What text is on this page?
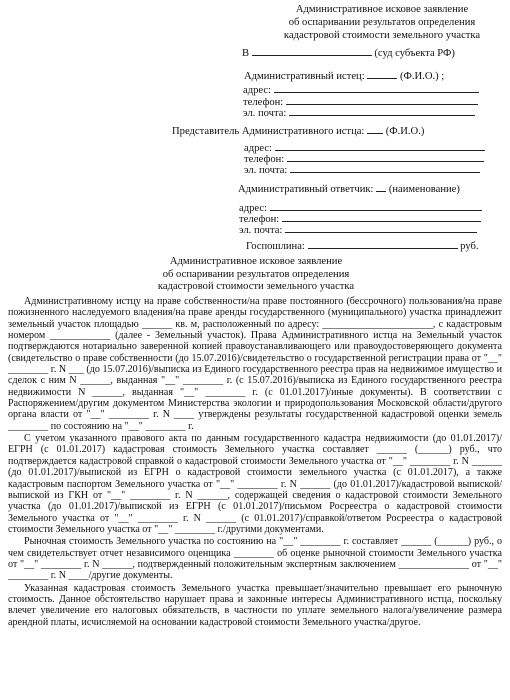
Административное исковое заявление
об оспаривании результатов определения
кадастровой стоимости земельного участка
В	(суд субъекта РФ)
Административный истец:	(Ф.И.О.) ;
адрес:
телефон:
эл. почта:
Представитель Административного истца: (Ф.И.О.)
адрес:
телефон:
эл. почта:
Административный ответчик: (наименование)
адрес:
телефон:
эл. почта:
Госпошлина:	руб.
Административное исковое заявление
об оспаривании результатов определения
кадастровой стоимости земельного участка

Административному истцу на праве собственности/на праве постоянного (бессрочного) пользования/на праве пожизненного наследуемого владения/на праве аренды государственного (муниципального) участка принадлежит земельный участок площадью ______ кв. м, расположенный по адресу: ______________________, с кадастровым номером ____________ (далее - Земельный участок). Права Административного истца на Земельный участок подтверждаются нотариально заверенной копией правоустанавливающего или правоудостоверяющего документа (свидетельство о праве собственности (до 15.07.2016)/свидетельство о государственной регистрации права от "__" ________ г. N ___ (до 15.07.2016)/выписка из Единого государственного реестра прав на недвижимое имущество и сделок с ним N ______, выданная "__" ________ г. (с 15.07.2016)/выписка из Единого государственного реестра недвижимости N ______, выданная "__" ________ г. (с 01.01.2017)/иные документы). В соответствии с Распоряжением/другим документом Министерства экологии и природопользования Московской области/другого органа власти от "__" ________ г. N ____ утверждены результаты государственной кадастровой оценки земель ________ по состоянию на "__" ________ г.

С учетом указанного правового акта по данным государственного кадастра недвижимости (до 01.01.2017)/ЕГРН (с 01.01.2017) кадастровая стоимость Земельного участка составляет ______ (______) руб., что подтверждается кадастровой справкой о кадастровой стоимости Земельного участка от "__" ________ г. N ______ (до 01.01.2017)/выпиской из ЕГРН о кадастровой стоимости земельного участка (с 01.01.2017), а также кадастровым паспортом Земельного участка от "__" ________ г. N ______ (до 01.01.2017)/кадастровой выпиской/выпиской из ГКН от "__" ________ г. N ______, содержащей сведения о кадастровой стоимости Земельного участка (до 01.01.2017)/выпиской из ЕГРН (с 01.01.2017)/письмом Росреестра о кадастровой стоимости Земельного участка от "__" ________ г. N ______ (с 01.01.2017)/справкой/ответом Росреестра о кадастровой стоимости Земельного участка от "__" ________ г./другими документами.

Рыночная стоимость Земельного участка по состоянию на "__" ________ г. составляет ______ (______) руб., о чем свидетельствует отчет независимого оценщика ________ об оценке рыночной стоимости Земельного участка от "__" ________ г. N ______, подтвержденный положительным экспертным заключением ______________ от "__" ________ г. N ____/другие документы.

Указанная кадастровая стоимость Земельного участка превышает/значительно превышает его рыночную стоимость. Данное обстоятельство нарушает права и законные интересы Административного истца, поскольку влечет увеличение его налоговых обязательств, в частности по уплате земельного налога/увеличение размера арендной платы, исчисляемой на основании кадастровой стоимости Земельного участка/другое.
